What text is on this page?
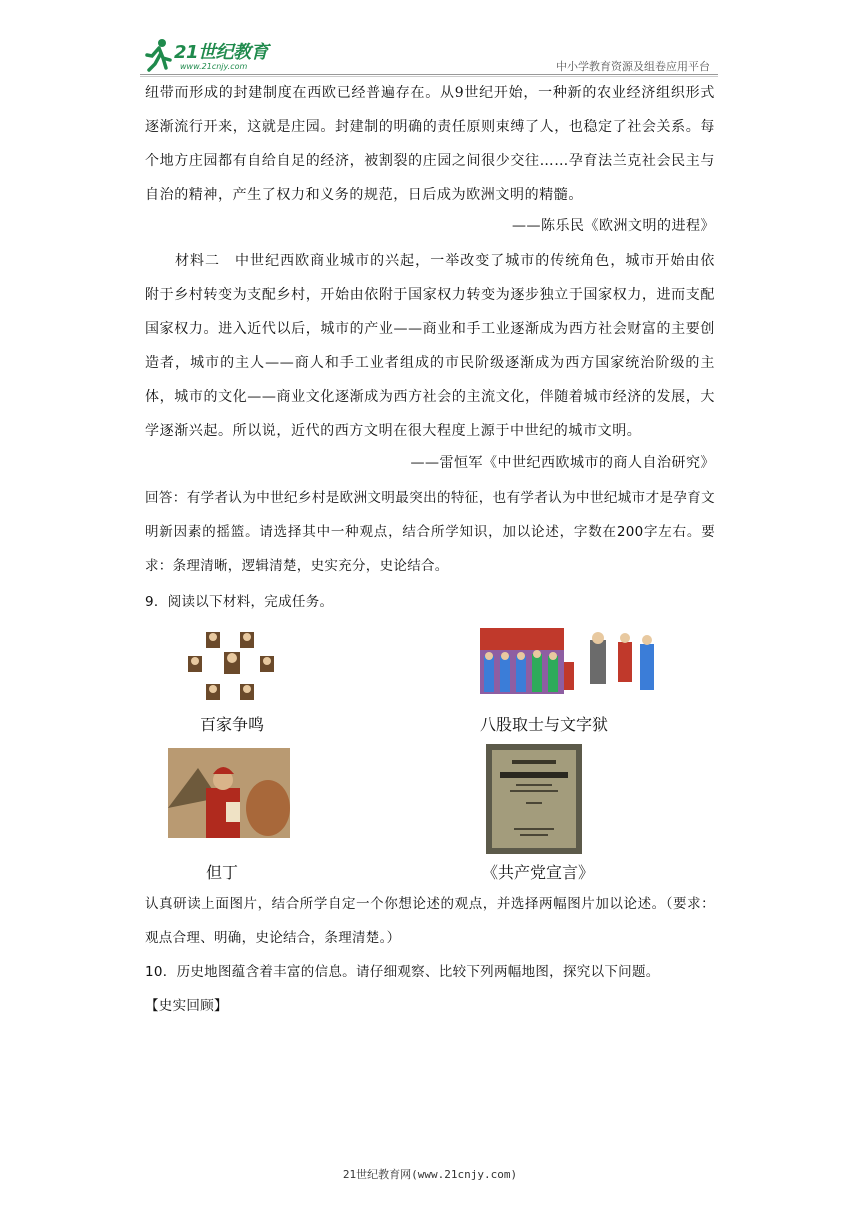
21世纪教育
www.21cnjy.com	中小学教育资源及组卷应用平台
纽带而形成的封建制度在西欧已经普遍存在。从9世纪开始，一种新的农业经济组织形式逐渐流行开来，这就是庄园。封建制的明确的责任原则束缚了人，也稳定了社会关系。每个地方庄园都有自给自足的经济，被割裂的庄园之间很少交往……孕育法兰克社会民主与自治的精神，产生了权力和义务的规范，日后成为欧洲文明的精髓。
——陈乐民《欧洲文明的进程》
材料二　中世纪西欧商业城市的兴起，一举改变了城市的传统角色，城市开始由依附于乡村转变为支配乡村，开始由依附于国家权力转变为逐步独立于国家权力，进而支配国家权力。进入近代以后，城市的产业——商业和手工业逐渐成为西方社会财富的主要创造者，城市的主人——商人和手工业者组成的市民阶级逐渐成为西方国家统治阶级的主体，城市的文化——商业文化逐渐成为西方社会的主流文化，伴随着城市经济的发展，大学逐渐兴起。所以说，近代的西方文明在很大程度上源于中世纪的城市文明。
——雷恒军《中世纪西欧城市的商人自治研究》
回答：有学者认为中世纪乡村是欧洲文明最突出的特征，也有学者认为中世纪城市才是孕育文明新因素的摇篮。请选择其中一种观点，结合所学知识，加以论述，字数在200字左右。要求：条理清晰，逻辑清楚，史实充分，史论结合。
9．阅读以下材料，完成任务。
百家争鸣	八股取士与文字狱
但丁	《共产党宣言》
认真研读上面图片，结合所学自定一个你想论述的观点，并选择两幅图片加以论述。（要求：观点合理、明确，史论结合，条理清楚。）
10．历史地图蕴含着丰富的信息。请仔细观察、比较下列两幅地图，探究以下问题。
【史实回顾】
21世纪教育网(www.21cnjy.com)
